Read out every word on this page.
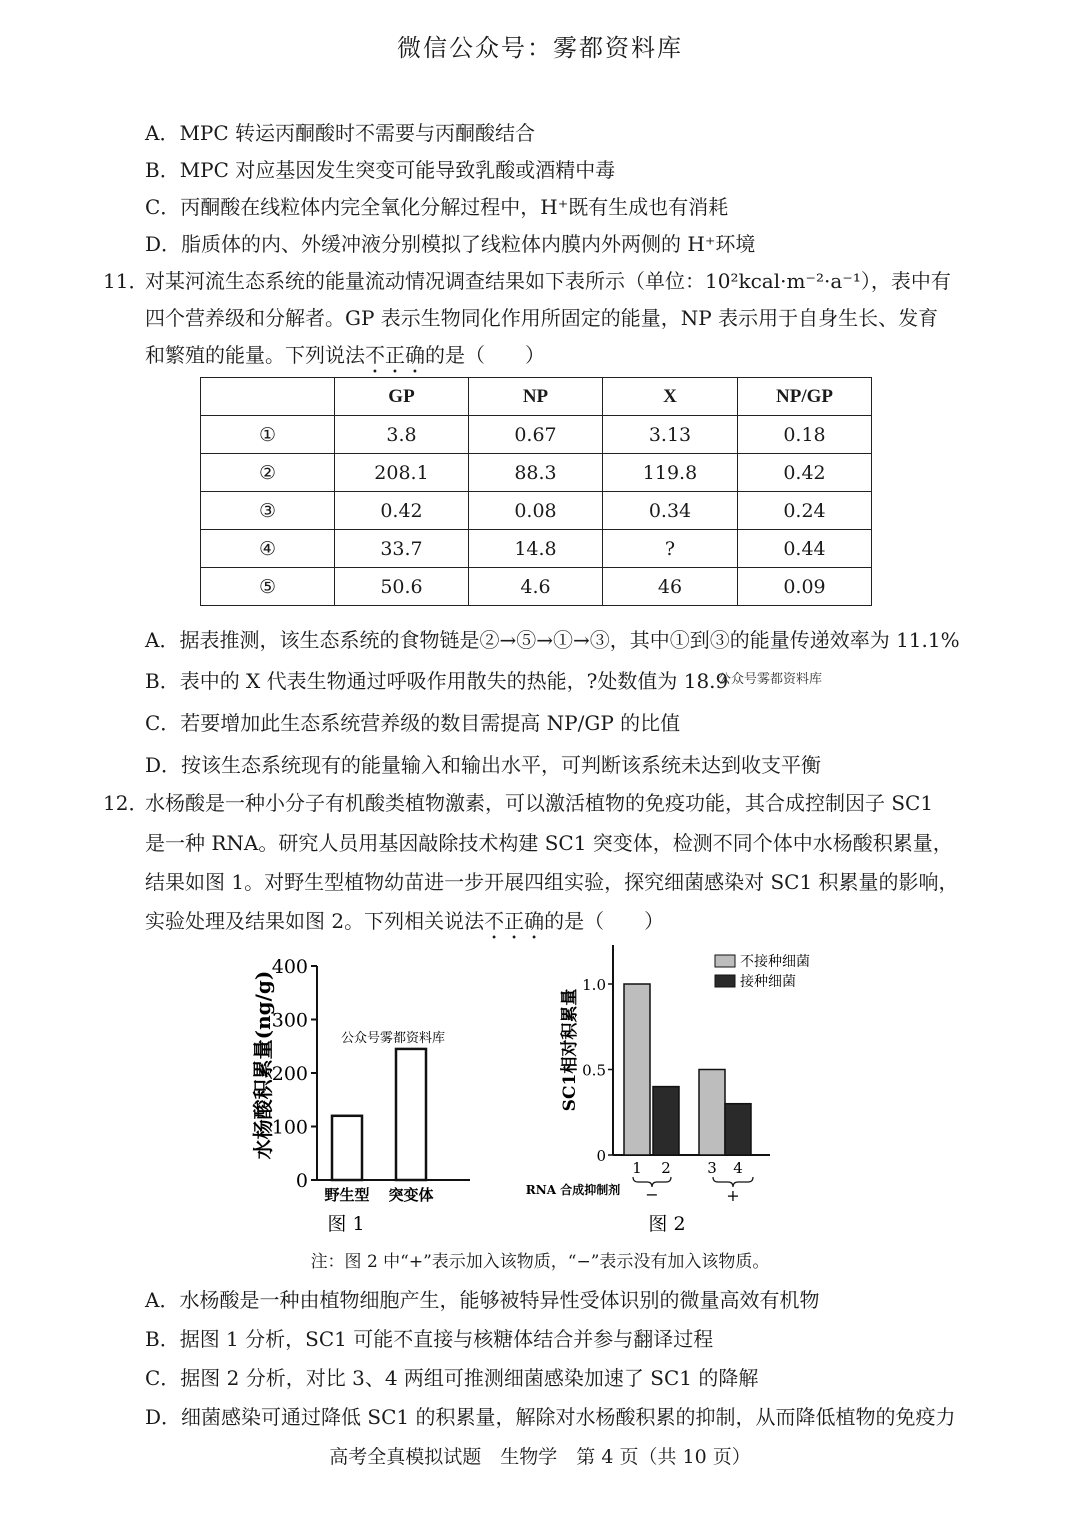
微信公众号：雾都资料库
A．MPC 转运丙酮酸时不需要与丙酮酸结合
B．MPC 对应基因发生突变可能导致乳酸或酒精中毒
C．丙酮酸在线粒体内完全氧化分解过程中，H⁺既有生成也有消耗
D．脂质体的内、外缓冲液分别模拟了线粒体内膜内外两侧的 H⁺环境
11．
对某河流生态系统的能量流动情况调查结果如下表所示（单位：10²kcal·m⁻²·a⁻¹），表中有
四个营养级和分解者。GP 表示生物同化作用所固定的能量，NP 表示用于自身生长、发育
和繁殖的能量。下列说法不正确的是（　　）
	GP	NP	X	NP/GP
①	3.8	0.67	3.13	0.18
②	208.1	88.3	119.8	0.42
③	0.42	0.08	0.34	0.24
④	33.7	14.8	?	0.44
⑤	50.6	4.6	46	0.09
A．据表推测，该生态系统的食物链是②→⑤→①→③，其中①到③的能量传递效率为 11.1%
B．表中的 X 代表生物通过呼吸作用散失的热能，?处数值为 18.9
公众号雾都资料库
C．若要增加此生态系统营养级的数目需提高 NP/GP 的比值
D．按该生态系统现有的能量输入和输出水平，可判断该系统未达到收支平衡
12．
水杨酸是一种小分子有机酸类植物激素，可以激活植物的免疫功能，其合成控制因子 SC1
是一种 RNA。研究人员用基因敲除技术构建 SC1 突变体，检测不同个体中水杨酸积累量，
结果如图 1。对野生型植物幼苗进一步开展四组实验，探究细菌感染对 SC1 积累量的影响，
实验处理及结果如图 2。下列相关说法不正确的是（　　）
水杨酸积累量(ng/g)
0
100
200
300
400
野生型 突变体
公众号雾都资料库
图 1
SC1相对积累量
0
0.5
1.0
1 2 3 4
不接种细菌
接种细菌
RNA 合成抑制剂 −	+
图 2
注：图 2 中“+”表示加入该物质，“−”表示没有加入该物质。
A．水杨酸是一种由植物细胞产生，能够被特异性受体识别的微量高效有机物
B．据图 1 分析，SC1 可能不直接与核糖体结合并参与翻译过程
C．据图 2 分析，对比 3、4 两组可推测细菌感染加速了 SC1 的降解
D．细菌感染可通过降低 SC1 的积累量，解除对水杨酸积累的抑制，从而降低植物的免疫力
高考全真模拟试题　生物学　第 4 页（共 10 页）
